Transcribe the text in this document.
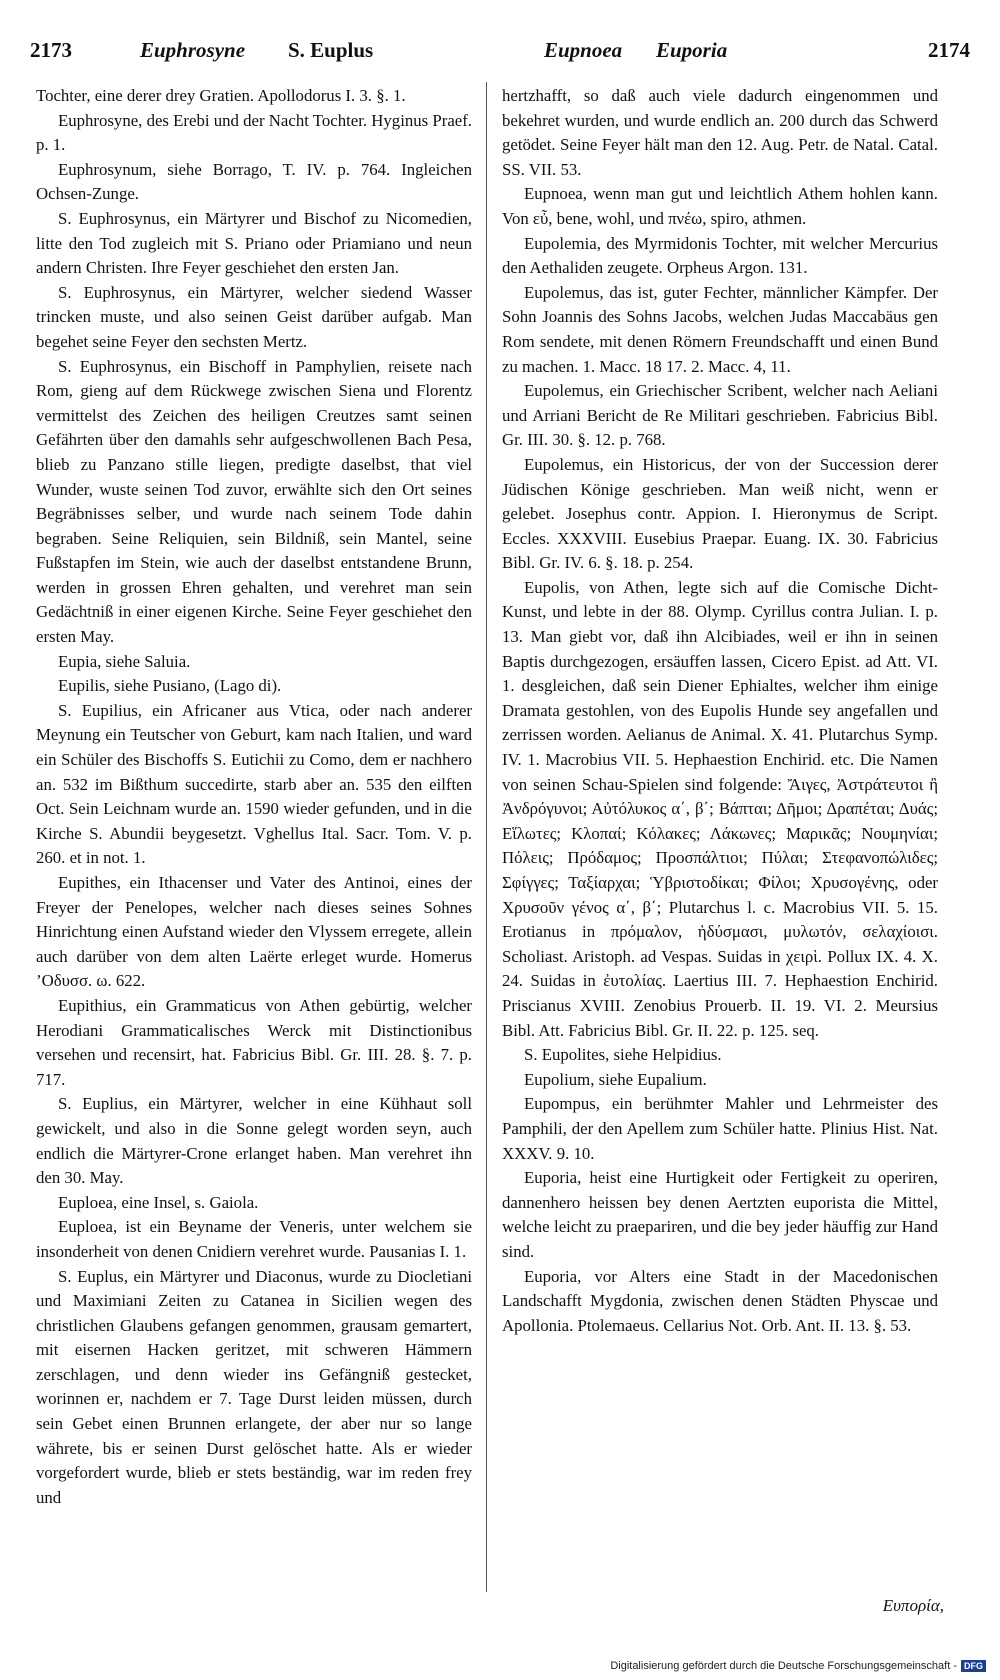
2173	Euphrosyne S. Euplus	Eupnoea Euporia	2174

Tochter, eine derer drey Gratien. Apollodorus I. 3. §. 1.

Euphrosyne, des Erebi und der Nacht Tochter. Hyginus Praef. p. 1.

Euphrosynum, siehe Borrago, T. IV. p. 764. Ingleichen Ochsen-Zunge.

S. Euphrosynus, ein Märtyrer und Bischof zu Nicomedien, litte den Tod zugleich mit S. Priano oder Priamiano und neun andern Christen. Ihre Feyer geschiehet den ersten Jan.

S. Euphrosynus, ein Märtyrer, welcher siedend Wasser trincken muste, und also seinen Geist darüber aufgab. Man begehet seine Feyer den sechsten Mertz.

S. Euphrosynus, ein Bischoff in Pamphylien, reisete nach Rom, gieng auf dem Rückwege zwischen Siena und Florentz vermittelst des Zeichen des heiligen Creutzes samt seinen Gefährten über den damahls sehr aufgeschwollenen Bach Pesa, blieb zu Panzano stille liegen, predigte daselbst, that viel Wunder, wuste seinen Tod zuvor, erwählte sich den Ort seines Begräbnisses selber, und wurde nach seinem Tode dahin begraben. Seine Reliquien, sein Bildniß, sein Mantel, seine Fußstapfen im Stein, wie auch der daselbst entstandene Brunn, werden in grossen Ehren gehalten, und verehret man sein Gedächtniß in einer eigenen Kirche. Seine Feyer geschiehet den ersten May.

Eupia, siehe Saluia.

Eupilis, siehe Pusiano, (Lago di).

S. Eupilius, ein Africaner aus Vtica, oder nach anderer Meynung ein Teutscher von Geburt, kam nach Italien, und ward ein Schüler des Bischoffs S. Eutichii zu Como, dem er nachhero an. 532 im Bißthum succedirte, starb aber an. 535 den eilften Oct. Sein Leichnam wurde an. 1590 wieder gefunden, und in die Kirche S. Abundii beygesetzt. Vghellus Ital. Sacr. Tom. V. p. 260. et in not. 1.

Eupithes, ein Ithacenser und Vater des Antinoi, eines der Freyer der Penelopes, welcher nach dieses seines Sohnes Hinrichtung einen Aufstand wieder den Vlyssem erregete, allein auch darüber von dem alten Laërte erleget wurde. Homerus ’Οδυσσ. ω. 622.

Eupithius, ein Grammaticus von Athen gebürtig, welcher Herodiani Grammaticalisches Werck mit Distinctionibus versehen und recensirt, hat. Fabricius Bibl. Gr. III. 28. §. 7. p. 717.

S. Euplius, ein Märtyrer, welcher in eine Kühhaut soll gewickelt, und also in die Sonne gelegt worden seyn, auch endlich die Märtyrer-Crone erlanget haben. Man verehret ihn den 30. May.

Euploea, eine Insel, s. Gaiola.

Euploea, ist ein Beyname der Veneris, unter welchem sie insonderheit von denen Cnidiern verehret wurde. Pausanias I. 1.

S. Euplus, ein Märtyrer und Diaconus, wurde zu Diocletiani und Maximiani Zeiten zu Catanea in Sicilien wegen des christlichen Glaubens gefangen genommen, grausam gemartert, mit eisernen Hacken geritzet, mit schweren Hämmern zerschlagen, und denn wieder ins Gefängniß gestecket, worinnen er, nachdem er 7. Tage Durst leiden müssen, durch sein Gebet einen Brunnen erlangete, der aber nur so lange währete, bis er seinen Durst gelöschet hatte. Als er wieder vorgefordert wurde, blieb er stets beständig, war im reden frey und

hertzhafft, so daß auch viele dadurch eingenommen und bekehret wurden, und wurde endlich an. 200 durch das Schwerd getödet. Seine Feyer hält man den 12. Aug. Petr. de Natal. Catal. SS. VII. 53.

Eupnoea, wenn man gut und leichtlich Athem hohlen kann. Von εὖ, bene, wohl, und πνέω, spiro, athmen.

Eupolemia, des Myrmidonis Tochter, mit welcher Mercurius den Aethaliden zeugete. Orpheus Argon. 131.

Eupolemus, das ist, guter Fechter, männlicher Kämpfer. Der Sohn Joannis des Sohns Jacobs, welchen Judas Maccabäus gen Rom sendete, mit denen Römern Freundschafft und einen Bund zu machen. 1. Macc. 18 17. 2. Macc. 4, 11.

Eupolemus, ein Griechischer Scribent, welcher nach Aeliani und Arriani Bericht de Re Militari geschrieben. Fabricius Bibl. Gr. III. 30. §. 12. p. 768.

Eupolemus, ein Historicus, der von der Succession derer Jüdischen Könige geschrieben. Man weiß nicht, wenn er gelebet. Josephus contr. Appion. I. Hieronymus de Script. Eccles. XXXVIII. Eusebius Praepar. Euang. IX. 30. Fabricius Bibl. Gr. IV. 6. §. 18. p. 254.

Eupolis, von Athen, legte sich auf die Comische Dicht-Kunst, und lebte in der 88. Olymp. Cyrillus contra Julian. I. p. 13. Man giebt vor, daß ihn Alcibiades, weil er ihn in seinen Baptis durchgezogen, ersäuffen lassen, Cicero Epist. ad Att. VI. 1. desgleichen, daß sein Diener Ephialtes, welcher ihm einige Dramata gestohlen, von des Eupolis Hunde sey angefallen und zerrissen worden. Aelianus de Animal. X. 41. Plutarchus Symp. IV. 1. Macrobius VII. 5. Hephaestion Enchirid. etc. Die Namen von seinen Schau-Spielen sind folgende: Ἄιγες, Ἀστράτευτοι ἢ Ἀνδρόγυνοι; Αὐτόλυκος α΄, β΄; Βάπται; Δῆμοι; Δραπέται; Δυάς; Εἵλωτες; Κλοπαί; Κόλακες; Λάκωνες; Μαρικᾶς; Νουμηνίαι; Πόλεις; Πρόδαμος; Προσπάλτιοι; Πύλαι; Στεφανοπώλιδες; Σφίγγες; Ταξίαρχαι; Ὑβριστοδίκαι; Φίλοι; Χρυσογένης, oder Χρυσοῦν γένος α΄, β΄; Plutarchus l. c. Macrobius VII. 5. 15. Erotianus in πρόμαλον, ἡδύσμασι, μυλωτόν, σελαχίοισι. Scholiast. Aristoph. ad Vespas. Suidas in χειρὶ. Pollux IX. 4. X. 24. Suidas in ἐυτολίας. Laertius III. 7. Hephaestion Enchirid. Priscianus XVIII. Zenobius Prouerb. II. 19. VI. 2. Meursius Bibl. Att. Fabricius Bibl. Gr. II. 22. p. 125. seq.

S. Eupolites, siehe Helpidius.

Eupolium, siehe Eupalium.

Eupompus, ein berühmter Mahler und Lehrmeister des Pamphili, der den Apellem zum Schüler hatte. Plinius Hist. Nat. XXXV. 9. 10.

Euporia, heist eine Hurtigkeit oder Fertigkeit zu operiren, dannenhero heissen bey denen Aertzten euporista die Mittel, welche leicht zu praepariren, und die bey jeder häuffig zur Hand sind.

Euporia, vor Alters eine Stadt in der Macedonischen Landschafft Mygdonia, zwischen denen Städten Physcae und Apollonia. Ptolemaeus. Cellarius Not. Orb. Ant. II. 13. §. 53.

Ευπορία,
Digitalisierung gefördert durch die Deutsche Forschungsgemeinschaft - DFG
